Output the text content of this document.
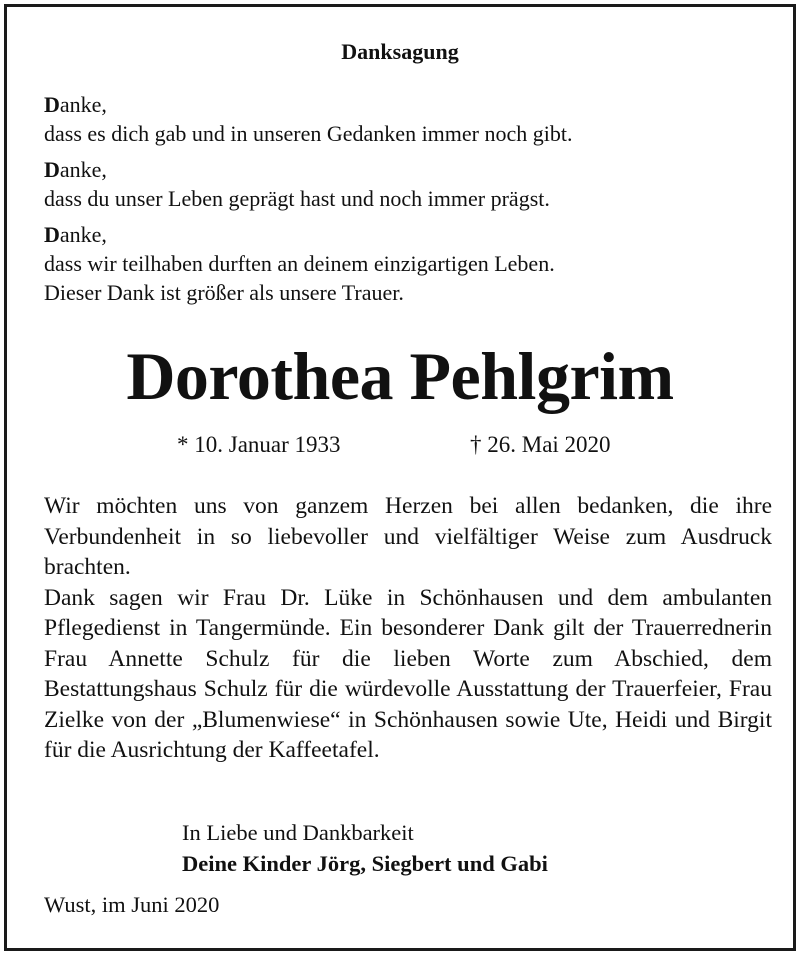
Danksagung
Danke,
dass es dich gab und in unseren Gedanken immer noch gibt.
Danke,
dass du unser Leben geprägt hast und noch immer prägst.
Danke,
dass wir teilhaben durften an deinem einzigartigen Leben.
Dieser Dank ist größer als unsere Trauer.
Dorothea Pehlgrim
* 10. Januar 1933	† 26. Mai 2020

Wir möchten uns von ganzem Herzen bei allen bedanken, die ihre Verbundenheit in so liebevoller und vielfältiger Weise zum Ausdruck brachten.

Dank sagen wir Frau Dr. Lüke in Schönhausen und dem ambulanten Pflegedienst in Tangermünde. Ein besonderer Dank gilt der Trauerrednerin Frau Annette Schulz für die lieben Worte zum Abschied, dem Bestattungshaus Schulz für die würdevolle Ausstattung der Trauerfeier, Frau Zielke von der „Blumenwiese“ in Schönhausen sowie Ute, Heidi und Birgit für die Ausrichtung der Kaffeetafel.

In Liebe und Dankbarkeit
Deine Kinder Jörg, Siegbert und Gabi
Wust, im Juni 2020
